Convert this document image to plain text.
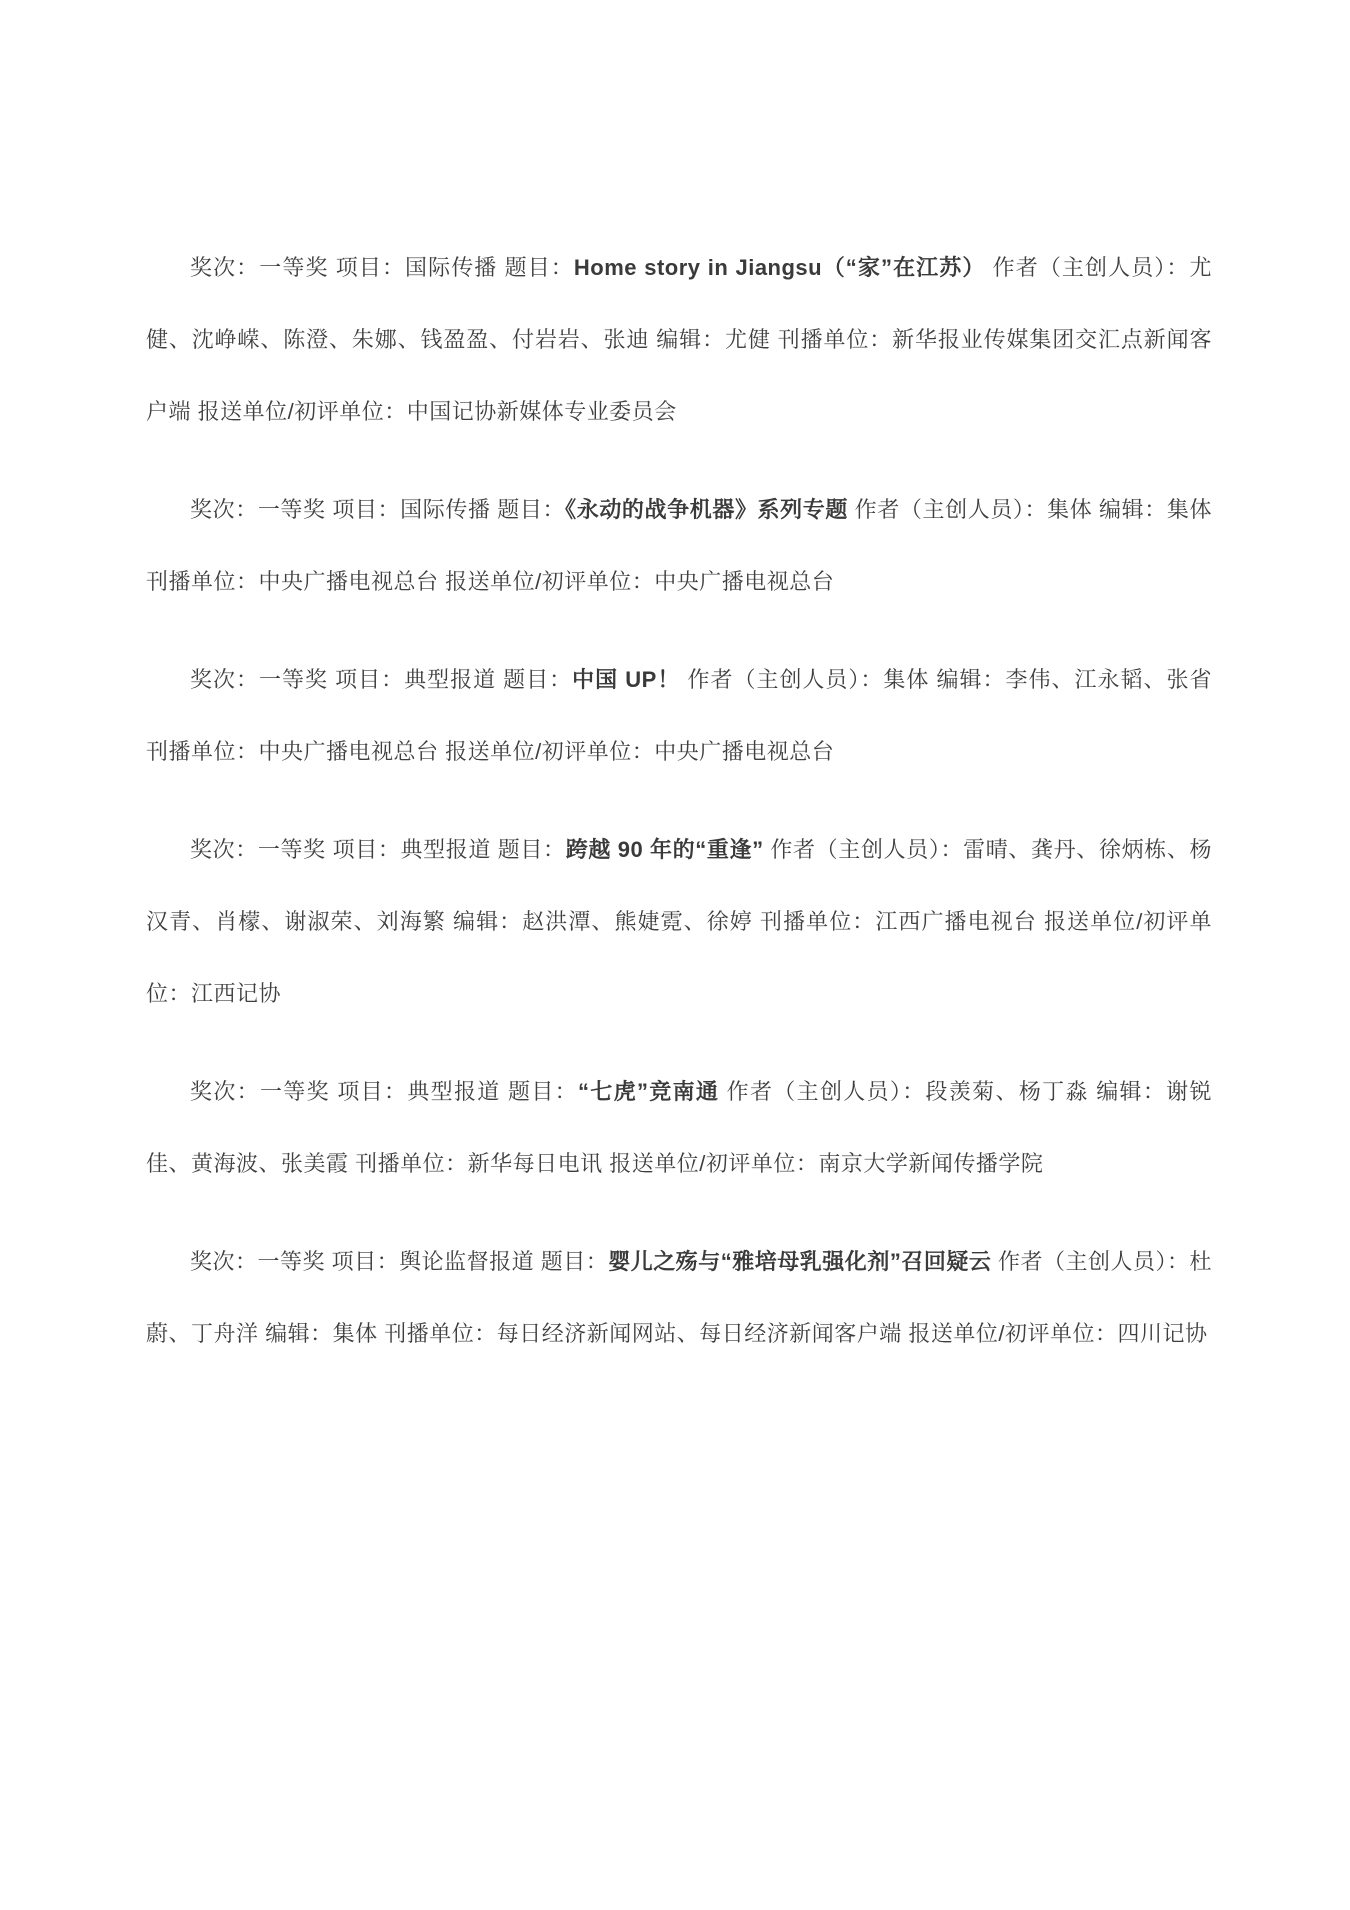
奖次：一等奖 项目：国际传播 题目：Home story in Jiangsu（“家”在江苏） 作者（主创人员）：尤健、沈峥嵘、陈澄、朱娜、钱盈盈、付岩岩、张迪 编辑：尤健 刊播单位：新华报业传媒集团交汇点新闻客户端 报送单位/初评单位：中国记协新媒体专业委员会

奖次：一等奖 项目：国际传播 题目：《永动的战争机器》系列专题 作者（主创人员）：集体 编辑：集体 刊播单位：中央广播电视总台 报送单位/初评单位：中央广播电视总台

奖次：一等奖 项目：典型报道 题目：中国 UP！ 作者（主创人员）：集体 编辑：李伟、江永韬、张省 刊播单位：中央广播电视总台 报送单位/初评单位：中央广播电视总台

奖次：一等奖 项目：典型报道 题目：跨越 90 年的“重逢” 作者（主创人员）：雷晴、龚丹、徐炳栋、杨汉青、肖檬、谢淑荣、刘海繁 编辑：赵洪潭、熊婕霓、徐婷 刊播单位：江西广播电视台 报送单位/初评单位：江西记协

奖次：一等奖 项目：典型报道 题目：“七虎”竞南通 作者（主创人员）：段羡菊、杨丁淼 编辑：谢锐佳、黄海波、张美霞 刊播单位：新华每日电讯 报送单位/初评单位：南京大学新闻传播学院

奖次：一等奖 项目：舆论监督报道 题目：婴儿之殇与“雅培母乳强化剂”召回疑云 作者（主创人员）：杜蔚、丁舟洋 编辑：集体 刊播单位：每日经济新闻网站、每日经济新闻客户端 报送单位/初评单位：四川记协
